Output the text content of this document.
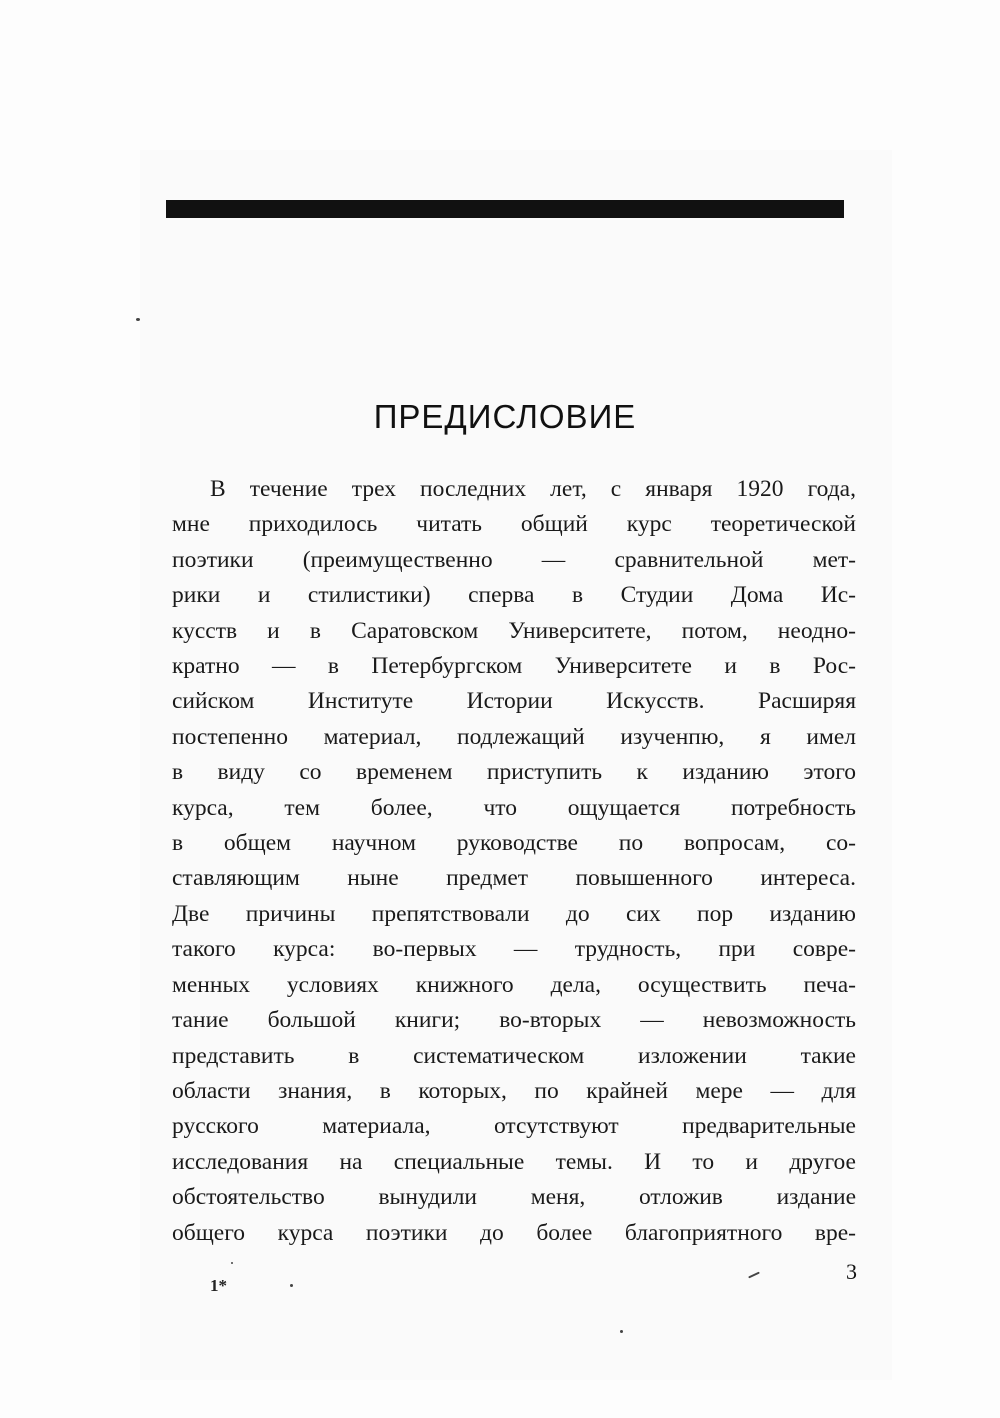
ПРЕДИСЛОВИЕ
В течение трех последних лет, с января 1920 года,
мне приходилось читать общий курс теоретической
поэтики (преимущественно — сравнительной мет-
рики и стилистики) сперва в Студии Дома Ис-
кусств и в Саратовском Университете, потом, неодно-
кратно — в Петербургском Университете и в Рос-
сийском Институте Истории Искусств. Расширяя
постепенно материал, подлежащий изученпю, я имел
в виду со временем приступить к изданию этого
курса, тем более, что ощущается потребность
в общем научном руководстве по вопросам, со-
ставляющим ныне предмет повышенного интереса.
Две причины препятствовали до сих пор изданию
такого курса: во-первых — трудность, при совре-
менных условиях книжного дела, осуществить печа-
тание большой книги; во-вторых — невозможность
представить в систематическом изложении такие
области знания, в которых, по крайней мере — для
русского материала, отсутствуют предварительные
исследования на специальные темы. И то и другое
обстоятельство вынудили меня, отложив издание
общего курса поэтики до более благоприятного вре-
1*
3
